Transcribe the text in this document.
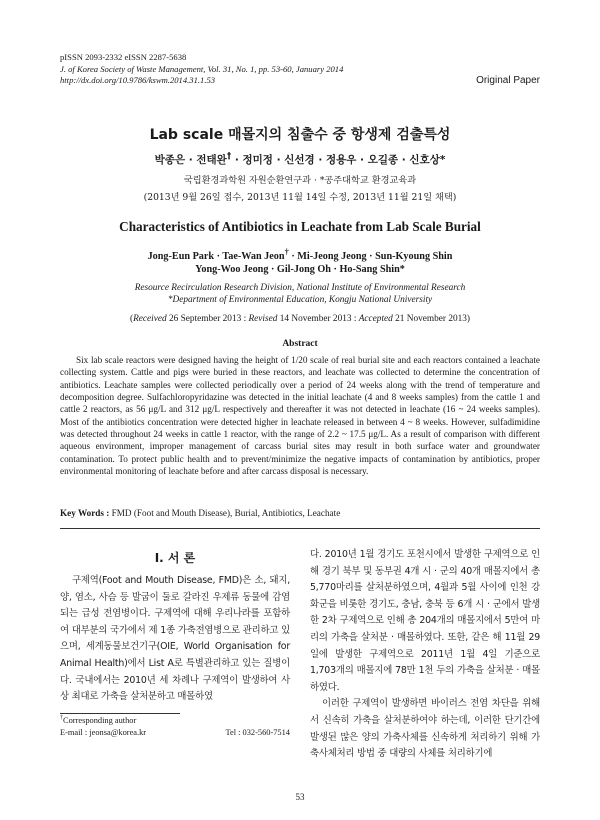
pISSN 2093-2332 eISSN 2287-5638
J. of Korea Society of Waste Management, Vol. 31, No. 1, pp. 53-60, January 2014
http://dx.doi.org/10.9786/kswm.2014.31.1.53	Original Paper
Lab scale 매몰지의 침출수 중 항생제 검출특성
박종은 · 전태완† · 정미정 · 신선경 · 정용우 · 오길종 · 신호상*
국립환경과학원 자원순환연구과 · *공주대학교 환경교육과
(2013년 9월 26일 접수, 2013년 11월 14일 수정, 2013년 11월 21일 채택)
Characteristics of Antibiotics in Leachate from Lab Scale Burial
Jong-Eun Park · Tae-Wan Jeon† · Mi-Jeong Jeong · Sun-Kyoung Shin
Yong-Woo Jeong · Gil-Jong Oh · Ho-Sang Shin*
Resource Recirculation Research Division, National Institute of Environmental Research
*Department of Environmental Education, Kongju National University
(Received 26 September 2013 : Revised 14 November 2013 : Accepted 21 November 2013)
Abstract

Six lab scale reactors were designed having the height of 1/20 scale of real burial site and each reactors contained a leachate collecting system. Cattle and pigs were buried in these reactors, and leachate was collected to determine the concentration of antibiotics. Leachate samples were collected periodically over a period of 24 weeks along with the trend of temperature and decomposition degree. Sulfachloropyridazine was detected in the initial leachate (4 and 8 weeks samples) from the cattle 1 and cattle 2 reactors, as 56 μg/L and 312 μg/L respectively and thereafter it was not detected in leachate (16 ~ 24 weeks samples). Most of the antibiotics concentration were detected higher in leachate released in between 4 ~ 8 weeks. However, sulfadimidine was detected throughout 24 weeks in cattle 1 reactor, with the range of 2.2 ~ 17.5 μg/L. As a result of comparison with different aqueous environment, improper management of carcass burial sites may result in both surface water and groundwater contamination. To protect public health and to prevent/minimize the negative impacts of contamination by antibiotics, proper environmental monitoring of leachate before and after carcass disposal is necessary.

Key Words : FMD (Foot and Mouth Disease), Burial, Antibiotics, Leachate
I. 서 론

구제역(Foot and Mouth Disease, FMD)은 소, 돼지, 양, 염소, 사슴 등 발굽이 둘로 갈라진 우제류 동물에 감염되는 급성 전염병이다. 구제역에 대해 우리나라를 포함하여 대부분의 국가에서 제 1종 가축전염병으로 관리하고 있으며, 세계동물보건기구(OIE, World Organisation for Animal Health)에서 List A로 특별관리하고 있는 질병이다. 국내에서는 2010년 세 차례나 구제역이 발생하여 사상 최대로 가축을 살처분하고 매몰하였

다. 2010년 1월 경기도 포천시에서 발생한 구제역으로 인해 경기 북부 및 동부권 4개 시 · 군의 40개 매몰지에서 총 5,770마리를 살처분하였으며, 4월과 5월 사이에 인천 강화군을 비롯한 경기도, 충남, 충북 등 6개 시 · 군에서 발생한 2차 구제역으로 인해 총 204개의 매몰지에서 5만여 마리의 가축을 살처분 · 매몰하였다. 또한, 같은 해 11월 29일에 발생한 구제역으로 2011년 1월 4일 기준으로 1,703개의 매몰지에 78만 1천 두의 가축을 살처분 · 매몰하였다.

이러한 구제역이 발생하면 바이러스 전염 차단을 위해서 신속히 가축을 살처분하여야 하는데, 이러한 단기간에 발생된 많은 양의 가축사체를 신속하게 처리하기 위해 가축사체처리 방법 중 대량의 사체를 처리하기에

†Corresponding author
E-mail : jeonsa@korea.kr	Tel : 032-560-7514
53
